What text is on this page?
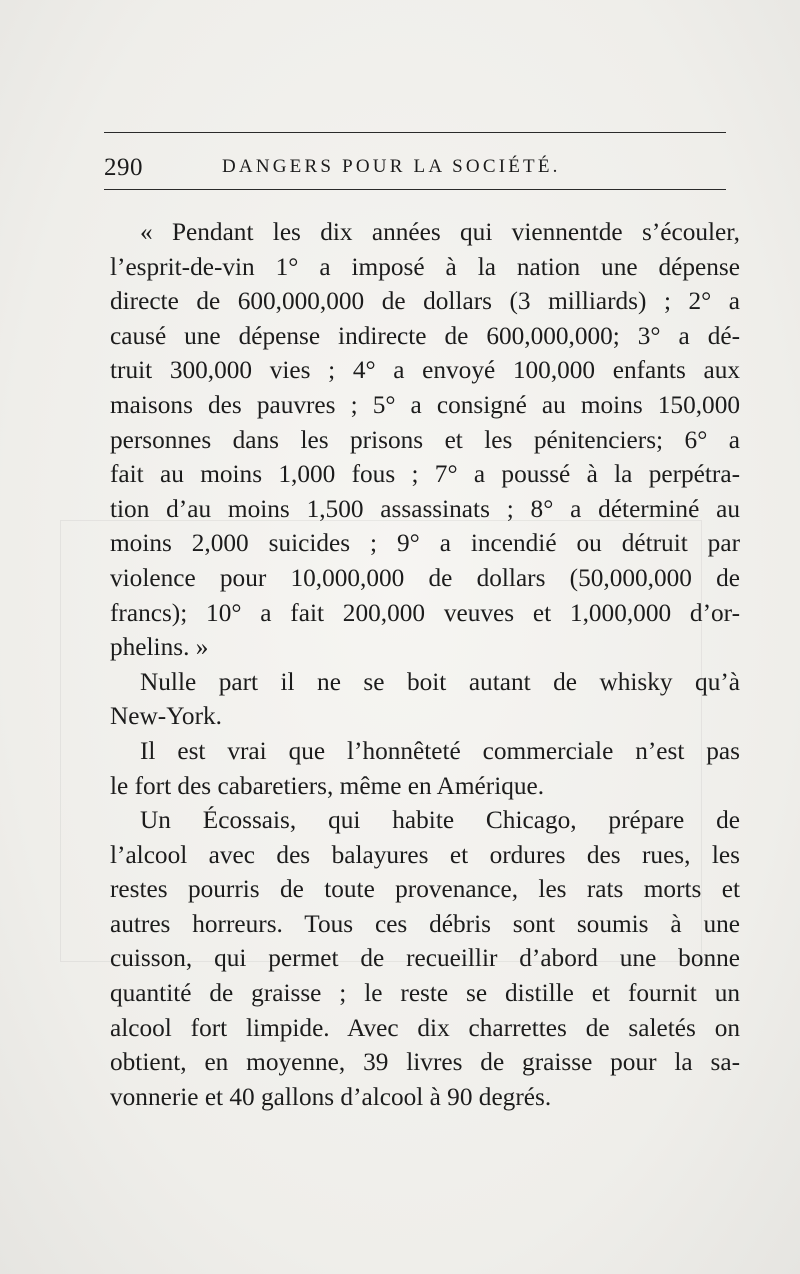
290	DANGERS POUR LA SOCIÉTÉ.
« Pendant les dix années qui viennentde s’écouler,
l’esprit-de-vin 1° a imposé à la nation une dépense
directe de 600,000,000 de dollars (3 milliards) ; 2° a
causé une dépense indirecte de 600,000,000; 3° a dé-
truit 300,000 vies ; 4° a envoyé 100,000 enfants aux
maisons des pauvres ; 5° a consigné au moins 150,000
personnes dans les prisons et les pénitenciers; 6° a
fait au moins 1,000 fous ; 7° a poussé à la perpétra-
tion d’au moins 1,500 assassinats ; 8° a déterminé au
moins 2,000 suicides ; 9° a incendié ou détruit par
violence pour 10,000,000 de dollars (50,000,000 de
francs); 10° a fait 200,000 veuves et 1,000,000 d’or-
phelins. »
Nulle part il ne se boit autant de whisky qu’à
New-York.
Il est vrai que l’honnêteté commerciale n’est pas
le fort des cabaretiers, même en Amérique.
Un Écossais, qui habite Chicago, prépare de
l’alcool avec des balayures et ordures des rues, les
restes pourris de toute provenance, les rats morts et
autres horreurs. Tous ces débris sont soumis à une
cuisson, qui permet de recueillir d’abord une bonne
quantité de graisse ; le reste se distille et fournit un
alcool fort limpide. Avec dix charrettes de saletés on
obtient, en moyenne, 39 livres de graisse pour la sa-
vonnerie et 40 gallons d’alcool à 90 degrés.
